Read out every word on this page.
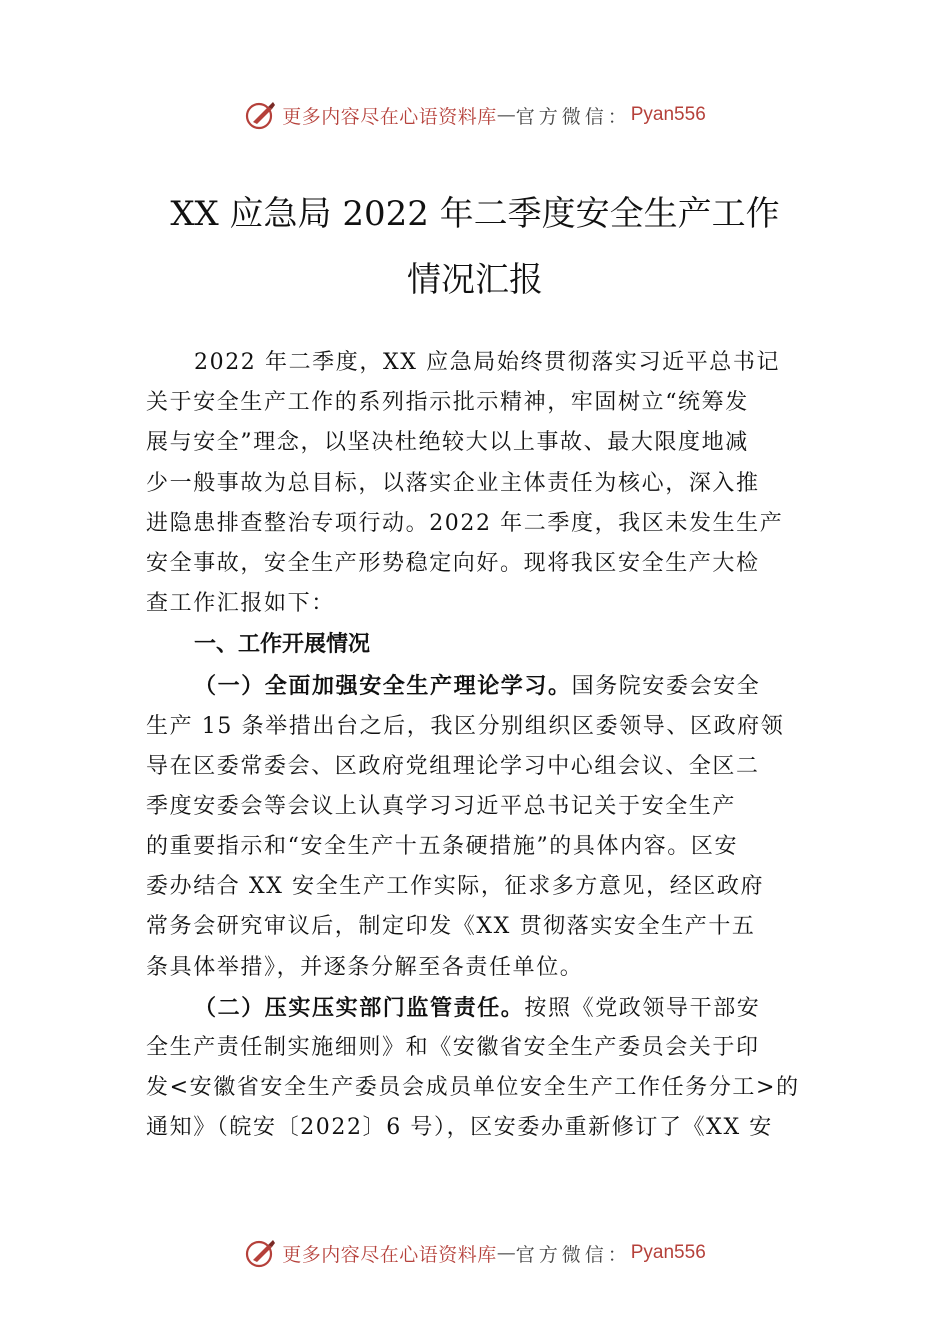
更多内容尽在心语资料库 — 官方微信： Pyan556
XX 应急局 2022 年二季度安全生产工作
情况汇报
2022 年二季度，XX 应急局始终贯彻落实习近平总书记
关于安全生产工作的系列指示批示精神，牢固树立“统筹发
展与安全”理念，以坚决杜绝较大以上事故、最大限度地减
少一般事故为总目标，以落实企业主体责任为核心，深入推
进隐患排查整治专项行动。2022 年二季度，我区未发生生产
安全事故，安全生产形势稳定向好。现将我区安全生产大检
查工作汇报如下：
一、工作开展情况
（一）全面加强安全生产理论学习。国务院安委会安全
生产 15 条举措出台之后，我区分别组织区委领导、区政府领
导在区委常委会、区政府党组理论学习中心组会议、全区二
季度安委会等会议上认真学习习近平总书记关于安全生产
的重要指示和“安全生产十五条硬措施”的具体内容。区安
委办结合 XX 安全生产工作实际，征求多方意见，经区政府
常务会研究审议后，制定印发《XX 贯彻落实安全生产十五
条具体举措》，并逐条分解至各责任单位。
（二）压实压实部门监管责任。按照《党政领导干部安
全生产责任制实施细则》和《安徽省安全生产委员会关于印
发<安徽省安全生产委员会成员单位安全生产工作任务分工>的
通知》（皖安〔2022〕6 号），区安委办重新修订了《XX 安
更多内容尽在心语资料库 — 官方微信： Pyan556
